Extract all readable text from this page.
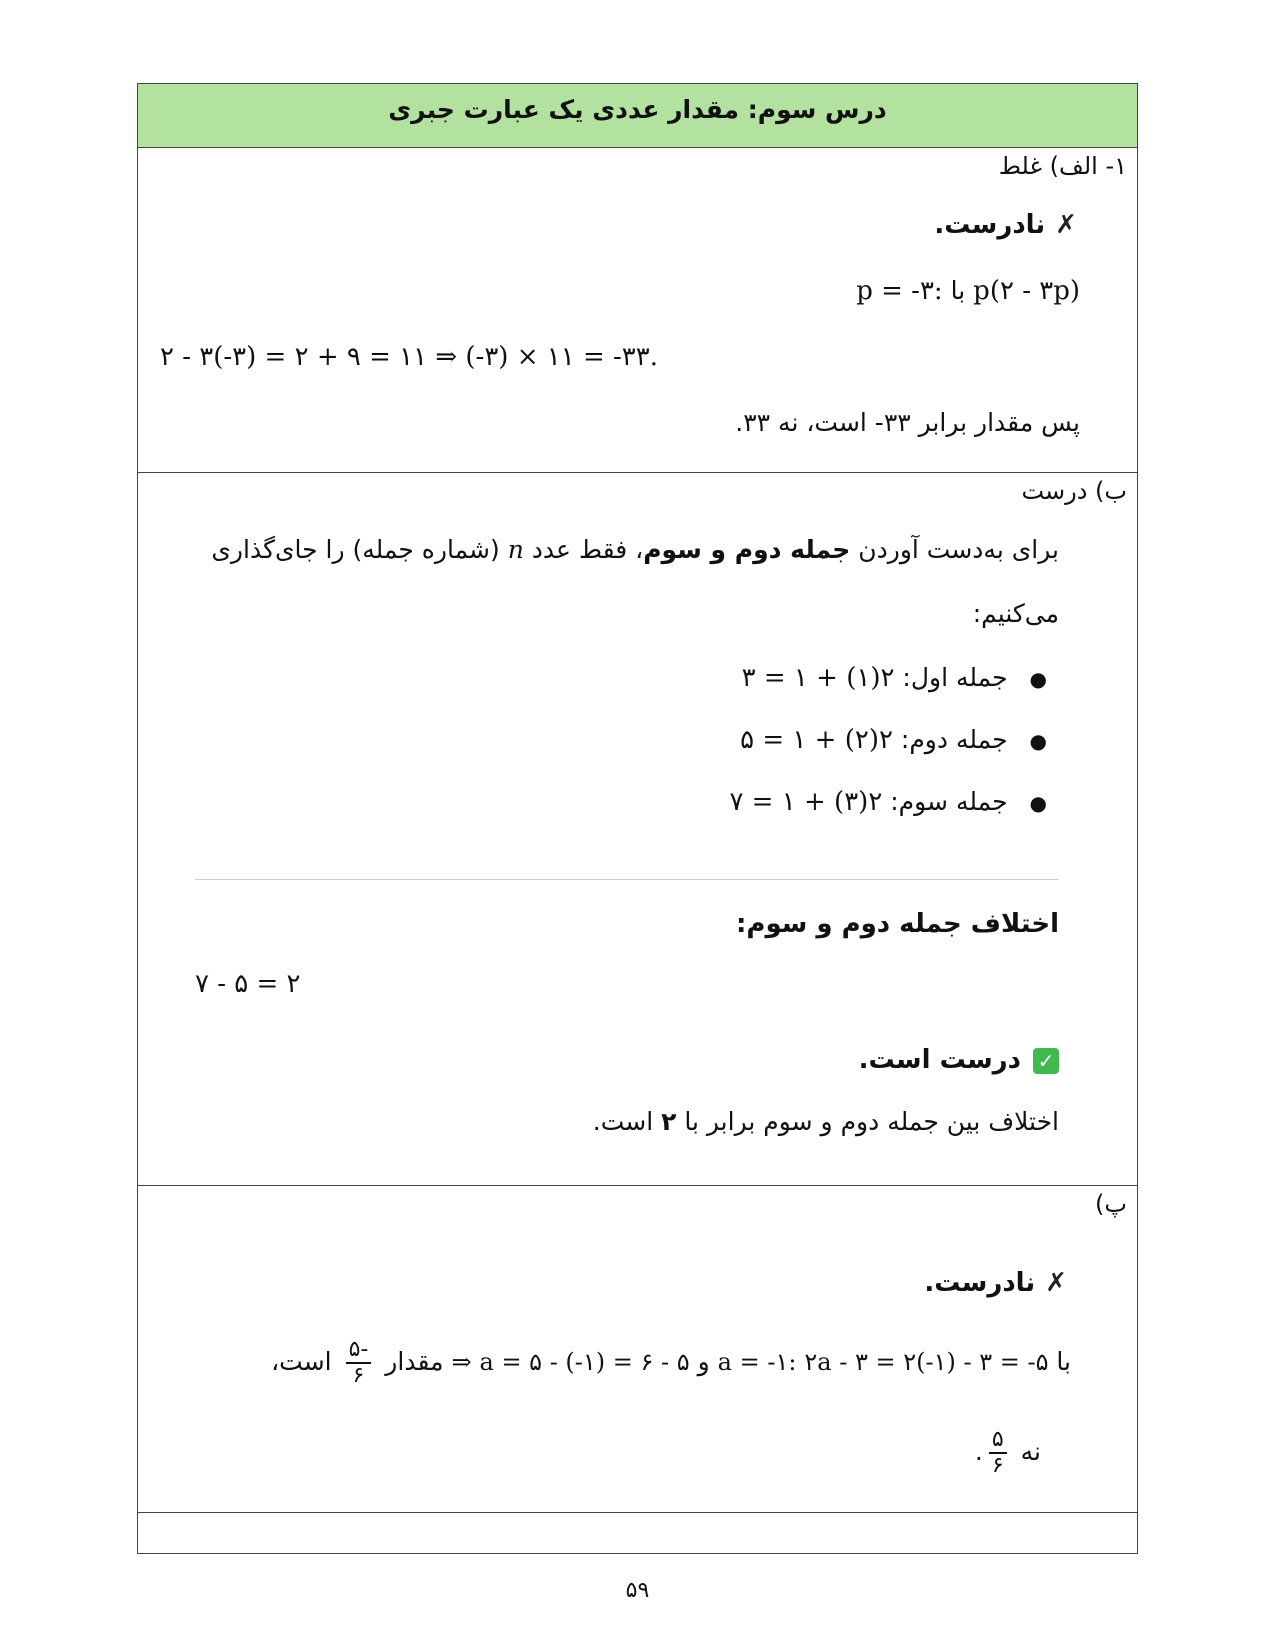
درس سوم: مقدار عددی یک عبارت جبری
۱- الف) غلط
✗نادرست.
p(۲ - ۳p) با :p = -۳
۲ - ۳(-۳) = ۲ + ۹ = ۱۱ ⇒ (-۳) × ۱۱ = -۳۳.
پس مقدار برابر ۳۳- است، نه ۳۳.
ب) درست
برای به‌دست آوردن جمله دوم و سوم، فقط عدد n (شماره جمله) را جای‌گذاری
می‌کنیم:
●جمله اول: ۲(۱) + ۱ = ۳
●جمله دوم: ۲(۲) + ۱ = ۵
●جمله سوم: ۲(۳) + ۱ = ۷
اختلاف جمله دوم و سوم:
۷ - ۵ = ۲
✓درست است.
اختلاف بین جمله دوم و سوم برابر با ۲ است.
پ)
✗نادرست.
با a = -۱: ۲a - ۳ = ۲(-۱) - ۳ = -۵ و ۵ - a = ۵ - (-۱) = ۶ ⇒ مقدار
$\frac{-۵}{۶}$
است،
نه
$\frac{۵}{۶}$
.
۵۹
